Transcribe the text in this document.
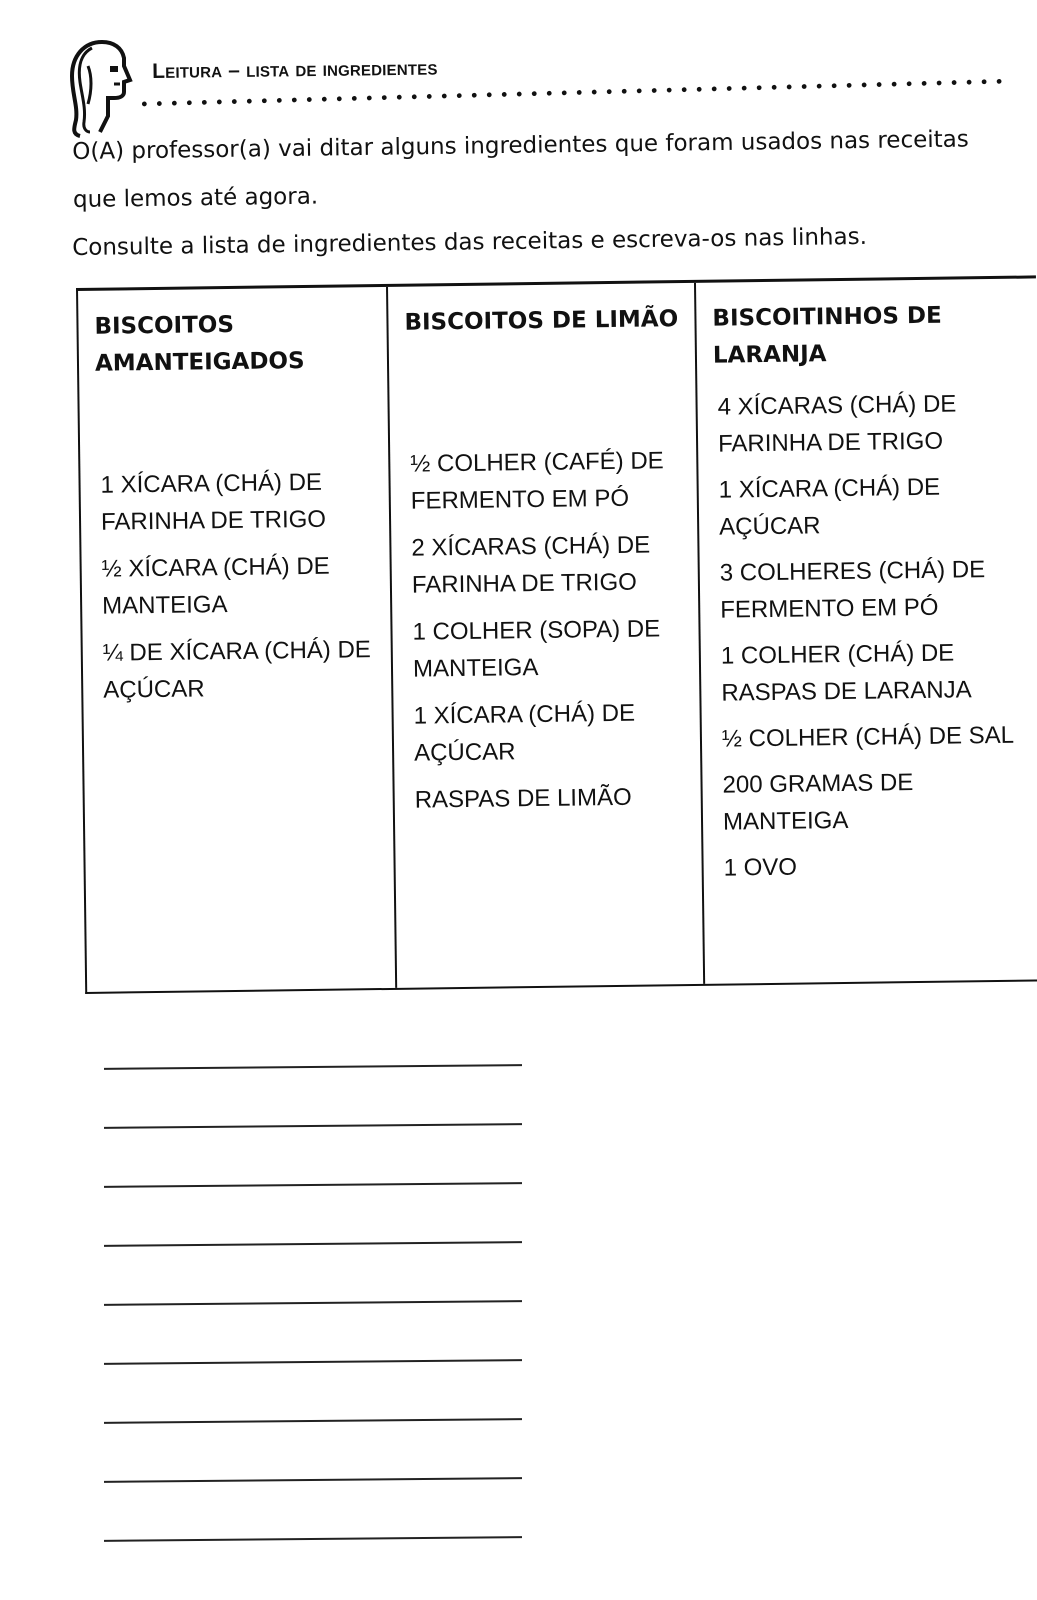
Leitura – lista de ingredientes

O(A) professor(a) vai ditar alguns ingredientes que foram usados nas receitas que lemos até agora.

Consulte a lista de ingredientes das receitas e escreva-os nas linhas.

BISCOITOS AMANTEIGADOS
1 XÍCARA (CHÁ) DE FARINHA DE TRIGO
½ XÍCARA (CHÁ) DE MANTEIGA
¼ DE XÍCARA (CHÁ) DE AÇÚCAR
BISCOITOS DE LIMÃO
½ COLHER (CAFÉ) DE FERMENTO EM PÓ
2 XÍCARAS (CHÁ) DE FARINHA DE TRIGO
1 COLHER (SOPA) DE MANTEIGA
1 XÍCARA (CHÁ) DE AÇÚCAR
RASPAS DE LIMÃO
BISCOITINHOS DE LARANJA
4 XÍCARAS (CHÁ) DE FARINHA DE TRIGO
1 XÍCARA (CHÁ) DE AÇÚCAR
3 COLHERES (CHÁ) DE FERMENTO EM PÓ
1 COLHER (CHÁ) DE RASPAS DE LARANJA
½ COLHER (CHÁ) DE SAL
200 GRAMAS DE MANTEIGA
1 OVO
